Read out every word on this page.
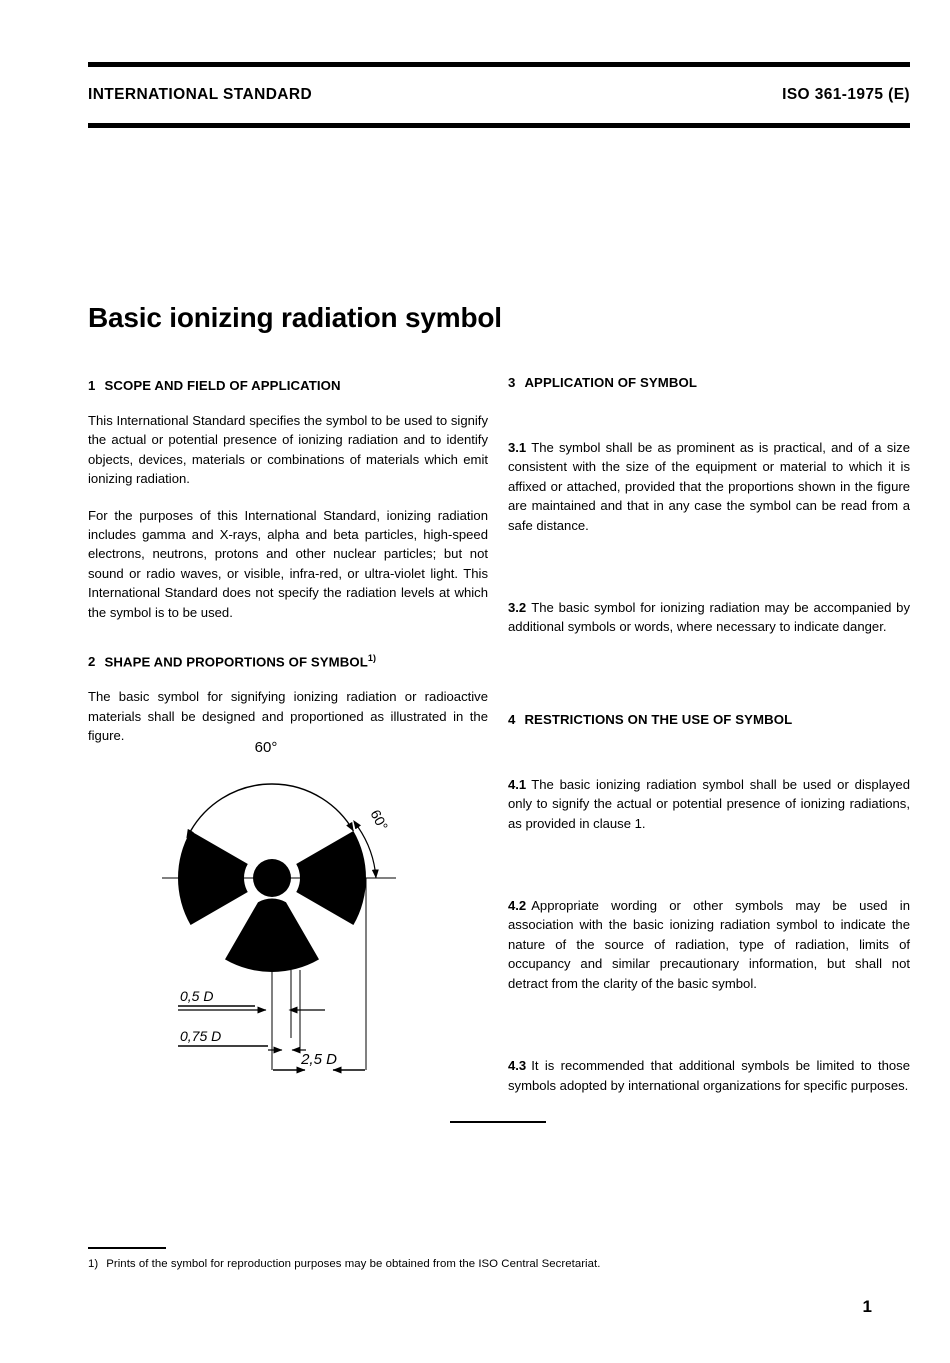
INTERNATIONAL STANDARD	ISO 361-1975 (E)
Basic ionizing radiation symbol
1 SCOPE AND FIELD OF APPLICATION

This International Standard specifies the symbol to be used to signify the actual or potential presence of ionizing radiation and to identify objects, devices, materials or combinations of materials which emit ionizing radiation.

For the purposes of this International Standard, ionizing radiation includes gamma and X-rays, alpha and beta particles, high-speed electrons, neutrons, protons and other nuclear particles; but not sound or radio waves, or visible, infra-red, or ultra-violet light. This International Standard does not specify the radiation levels at which the symbol is to be used.

2 SHAPE AND PROPORTIONS OF SYMBOL$^{1)}$

The basic symbol for signifying ionizing radiation or radioactive materials shall be designed and proportioned as illustrated in the figure.

3 APPLICATION OF SYMBOL

3.1 The symbol shall be as prominent as is practical, and of a size consistent with the size of the equipment or material to which it is affixed or attached, provided that the proportions shown in the figure are maintained and that in any case the symbol can be read from a safe distance.

3.2 The basic symbol for ionizing radiation may be accompanied by additional symbols or words, where necessary to indicate danger.

4 RESTRICTIONS ON THE USE OF SYMBOL

4.1 The basic ionizing radiation symbol shall be used or displayed only to signify the actual or potential presence of ionizing radiations, as provided in clause 1.

4.2 Appropriate wording or other symbols may be used in association with the basic ionizing radiation symbol to indicate the nature of the source of radiation, type of radiation, limits of occupancy and similar precautionary information, but shall not detract from the clarity of the basic symbol.

4.3 It is recommended that additional symbols be limited to those symbols adopted by international organizations for specific purposes.

60°
60°
0,5 D
0,75 D
2,5 D
1) Prints of the symbol for reproduction purposes may be obtained from the ISO Central Secretariat.
1
